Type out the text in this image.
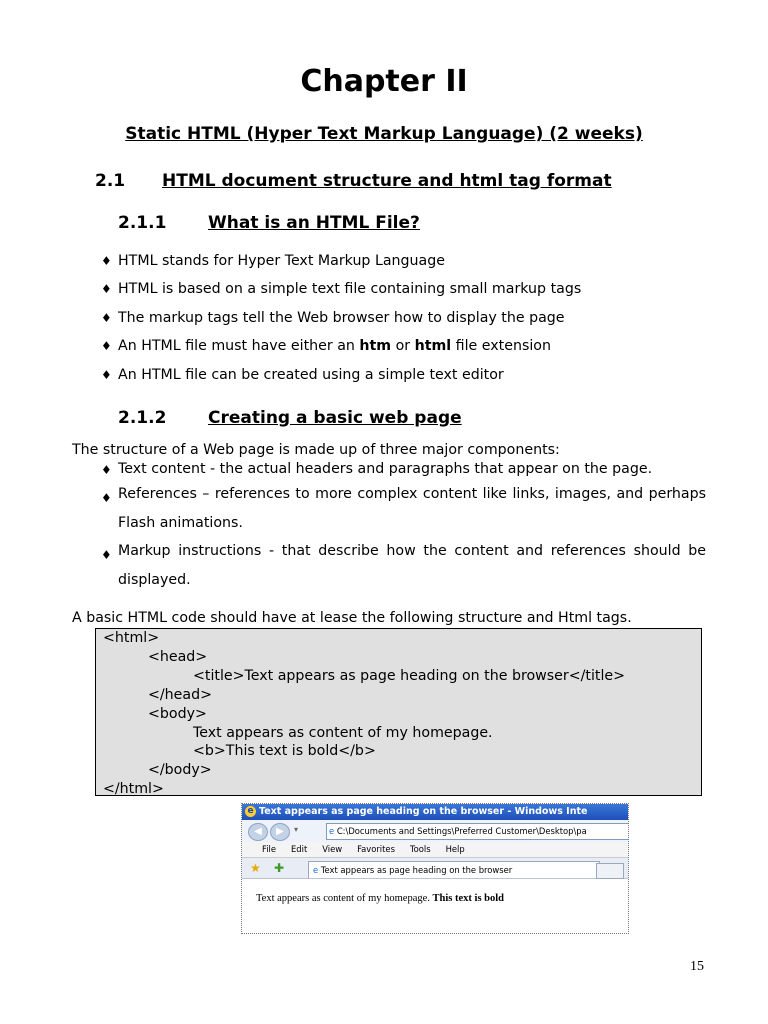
Chapter II
Static HTML (Hyper Text Markup Language) (2 weeks)
2.1 HTML document structure and html tag format
2.1.1 What is an HTML File?
♦ HTML stands for Hyper Text Markup Language
♦ HTML is based on a simple text file containing small markup tags
♦ The markup tags tell the Web browser how to display the page
♦ An HTML file must have either an htm or html file extension
♦ An HTML file can be created using a simple text editor
2.1.2 Creating a basic web page
The structure of a Web page is made up of three major components:
♦ Text content - the actual headers and paragraphs that appear on the page.
♦ References – references to more complex content like links, images, and perhaps Flash animations.
♦ Markup instructions - that describe how the content and references should be displayed.
A basic HTML code should have at lease the following structure and Html tags.
<html>
<head>
<title>Text appears as page heading on the browser</title>
</head>
<body>
Text appears as content of my homepage.
<b>This text is bold</b>
</body>
</html>
e Text appears as page heading on the browser - Windows Inte
◀	▶	▾	e C:\Documents and Settings\Preferred Customer\Desktop\pa
File Edit View Favorites Tools Help
★ ✚	e Text appears as page heading on the browser
Text appears as content of my homepage. This text is bold
15
